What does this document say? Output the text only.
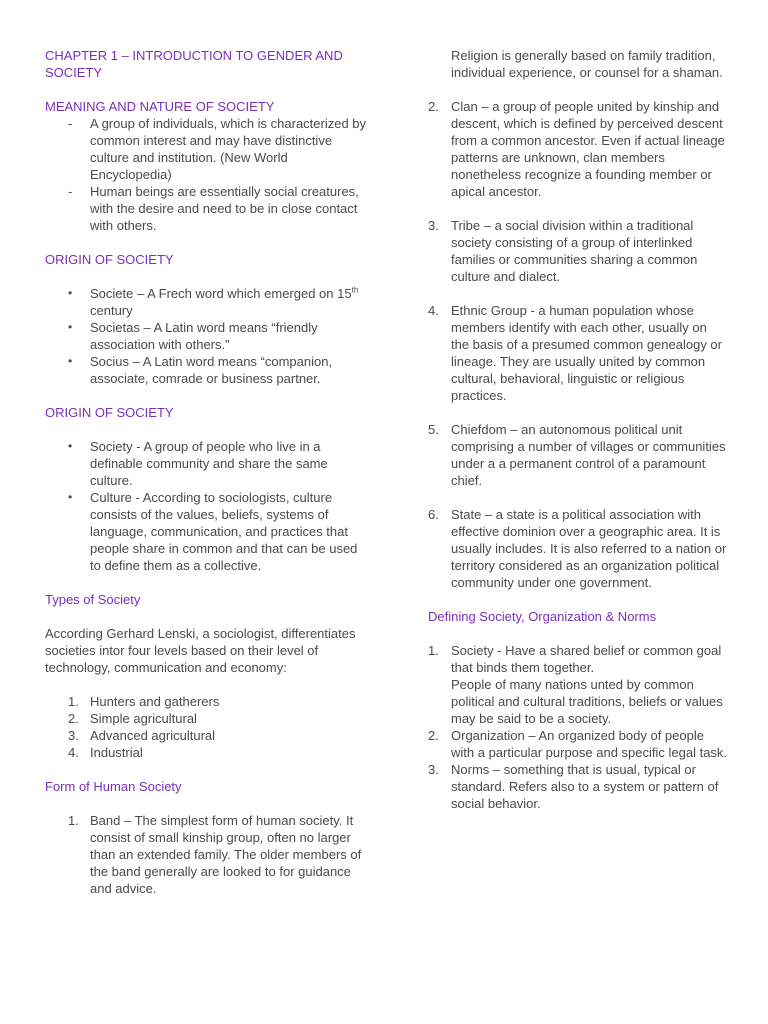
CHAPTER 1 – INTRODUCTION TO GENDER AND SOCIETY

MEANING AND NATURE OF SOCIETY

-	A group of individuals, which is characterized by common interest and may have distinctive culture and institution. (New World Encyclopedia)
-	Human beings are essentially social creatures, with the desire and need to be in close contact with others.

ORIGIN OF SOCIETY

•	Societe – A Frech word which emerged on 15th century
•	Societas – A Latin word means “friendly association with others.”
•	Socius – A Latin word means “companion, associate, comrade or business partner.

ORIGIN OF SOCIETY

•	Society - A group of people who live in a definable community and share the same culture.
•	Culture - According to sociologists, culture consists of the values, beliefs, systems of language, communication, and practices that people share in common and that can be used to define them as a collective.

Types of Society

According Gerhard Lenski, a sociologist, differentiates societies intor four levels based on their level of technology, communication and economy:

1. Hunters and gatherers
2. Simple agricultural
3. Advanced agricultural
4. Industrial

Form of Human Society

1. Band – The simplest form of human society. It consist of small kinship group, often no larger than an extended family. The older members of the band generally are looked to for guidance and advice.
Religion is generally based on family tradition, individual experience, or counsel for a shaman.
2. Clan – a group of people united by kinship and descent, which is defined by perceived descent from a common ancestor. Even if actual lineage patterns are unknown, clan members nonetheless recognize a founding member or apical ancestor.
3. Tribe – a social division within a traditional society consisting of a group of interlinked families or communities sharing a common culture and dialect.
4. Ethnic Group - a human population whose members identify with each other, usually on the basis of a presumed common genealogy or lineage. They are usually united by common cultural, behavioral, linguistic or religious practices.
5. Chiefdom – an autonomous political unit comprising a number of villages or communities under a a permanent control of a paramount chief.
6. State – a state is a political association with effective dominion over a geographic area. It is usually includes. It is also referred to a nation or territory considered as an organization political community under one government.

Defining Society, Organization & Norms

1. Society - Have a shared belief or common goal that binds them together.
People of many nations unted by common political and cultural traditions, beliefs or values may be said to be a society.
2. Organization – An organized body of people with a particular purpose and specific legal task.
3. Norms – something that is usual, typical or standard. Refers also to a system or pattern of social behavior.
